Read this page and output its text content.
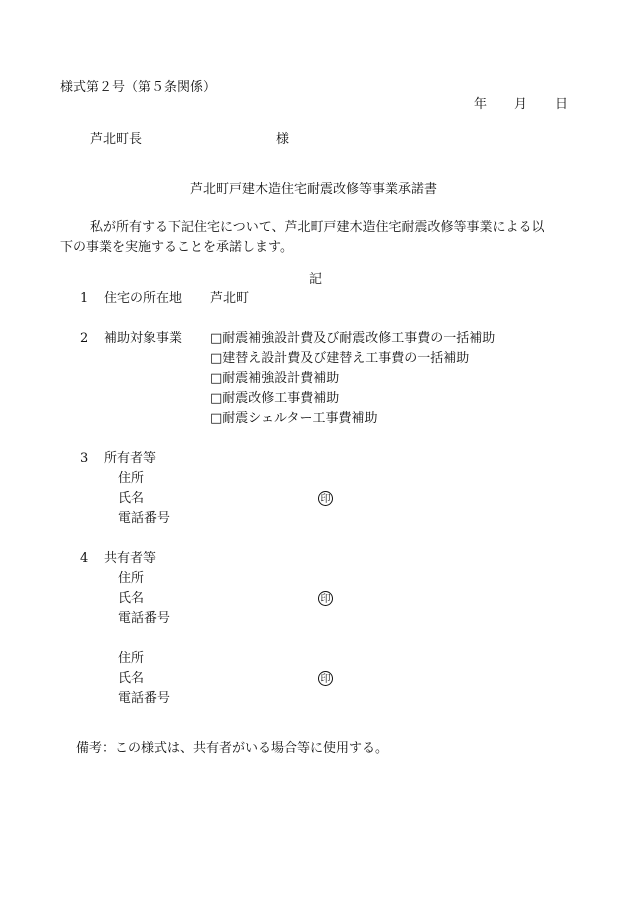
様式第２号（第５条関係）
年 月 日
芦北町長	様
芦北町戸建木造住宅耐震改修等事業承諾書
私が所有する下記住宅について、芦北町戸建木造住宅耐震改修等事業による以
下の事業を実施することを承諾します。
記
1 住宅の所在地 芦北町
2 補助対象事業 □耐震補強設計費及び耐震改修工事費の一括補助
□建替え設計費及び建替え工事費の一括補助
□耐震補強設計費補助
□耐震改修工事費補助
□耐震シェルター工事費補助
3 所有者等
住所
氏名	印
電話番号
4 共有者等
住所
氏名	印
電話番号
住所
氏名	印
電話番号
備考：この様式は、共有者がいる場合等に使用する。
